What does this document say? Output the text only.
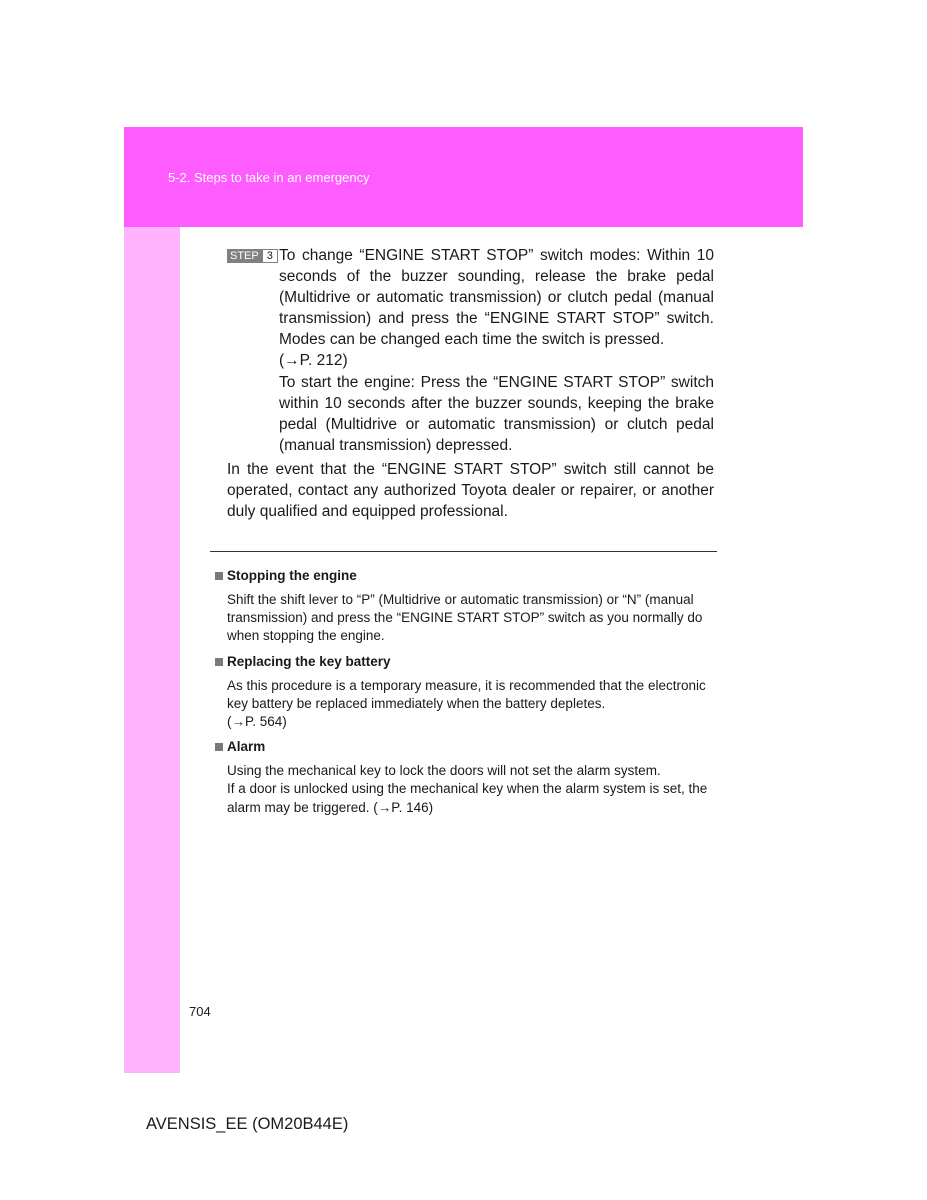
5-2. Steps to take in an emergency
STEP 3 To change “ENGINE START STOP” switch modes: Within 10 seconds of the buzzer sounding, release the brake pedal (Multidrive or automatic transmission) or clutch pedal (manual transmission) and press the “ENGINE START STOP” switch. Modes can be changed each time the switch is pressed.

(→P. 212)

To start the engine: Press the “ENGINE START STOP” switch within 10 seconds after the buzzer sounds, keeping the brake pedal (Multidrive or automatic transmission) or clutch pedal (manual transmission) depressed.

In the event that the “ENGINE START STOP” switch still cannot be operated, contact any authorized Toyota dealer or repairer, or another duly qualified and equipped professional.

Stopping the engine

Shift the shift lever to “P” (Multidrive or automatic transmission) or “N” (manual transmission) and press the “ENGINE START STOP” switch as you normally do when stopping the engine.

Replacing the key battery

As this procedure is a temporary measure, it is recommended that the electronic key battery be replaced immediately when the battery depletes.

(→P. 564)

Alarm

Using the mechanical key to lock the doors will not set the alarm system.

If a door is unlocked using the mechanical key when the alarm system is set, the alarm may be triggered. (→P. 146)

704
AVENSIS_EE (OM20B44E)
